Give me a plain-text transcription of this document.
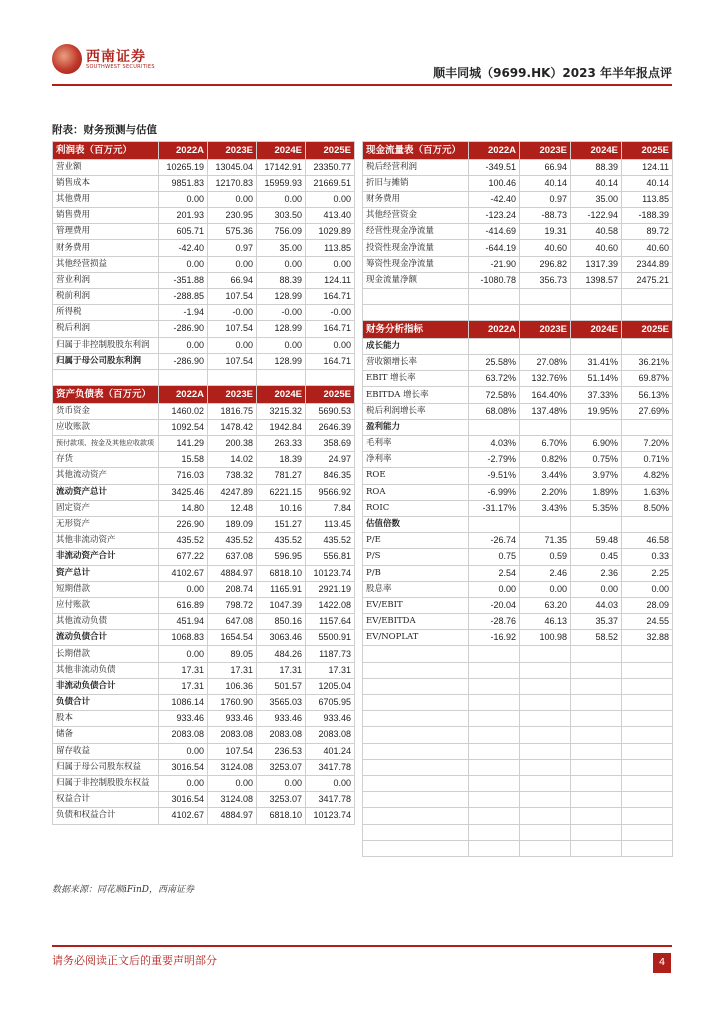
西南证券
SOUTHWEST SECURITIES	顺丰同城（9699.HK）2023 年半年报点评
附表：财务预测与估值
利润表（百万元）	2022A	2023E	2024E	2025E
营业额	10265.19	13045.04	17142.91	23350.77
销售成本	9851.83	12170.83	15959.93	21669.51
其他费用	0.00	0.00	0.00	0.00
销售费用	201.93	230.95	303.50	413.40
管理费用	605.71	575.36	756.09	1029.89
财务费用	-42.40	0.97	35.00	113.85
其他经营损益	0.00	0.00	0.00	0.00
营业利润	-351.88	66.94	88.39	124.11
税前利润	-288.85	107.54	128.99	164.71
所得税	-1.94	-0.00	-0.00	-0.00
税后利润	-286.90	107.54	128.99	164.71
归属于非控制股股东利润	0.00	0.00	0.00	0.00
归属于母公司股东利润	-286.90	107.54	128.99	164.71

资产负债表（百万元）	2022A	2023E	2024E	2025E
货币资金	1460.02	1816.75	3215.32	5690.53
应收账款	1092.54	1478.42	1942.84	2646.39
预付款项、按金及其他应收款项	141.29	200.38	263.33	358.69
存货	15.58	14.02	18.39	24.97
其他流动资产	716.03	738.32	781.27	846.35
流动资产总计	3425.46	4247.89	6221.15	9566.92
固定资产	14.80	12.48	10.16	7.84
无形资产	226.90	189.09	151.27	113.45
其他非流动资产	435.52	435.52	435.52	435.52
非流动资产合计	677.22	637.08	596.95	556.81
资产总计	4102.67	4884.97	6818.10	10123.74
短期借款	0.00	208.74	1165.91	2921.19
应付账款	616.89	798.72	1047.39	1422.08
其他流动负债	451.94	647.08	850.16	1157.64
流动负债合计	1068.83	1654.54	3063.46	5500.91
长期借款	0.00	89.05	484.26	1187.73
其他非流动负债	17.31	17.31	17.31	17.31
非流动负债合计	17.31	106.36	501.57	1205.04
负债合计	1086.14	1760.90	3565.03	6705.95
股本	933.46	933.46	933.46	933.46
储备	2083.08	2083.08	2083.08	2083.08
留存收益	0.00	107.54	236.53	401.24
归属于母公司股东权益	3016.54	3124.08	3253.07	3417.78
归属于非控制股股东权益	0.00	0.00	0.00	0.00
权益合计	3016.54	3124.08	3253.07	3417.78
负债和权益合计	4102.67	4884.97	6818.10	10123.74
现金流量表（百万元）	2022A	2023E	2024E	2025E
税后经营利润	-349.51	66.94	88.39	124.11
折旧与摊销	100.46	40.14	40.14	40.14
财务费用	-42.40	0.97	35.00	113.85
其他经营资金	-123.24	-88.73	-122.94	-188.39
经营性现金净流量	-414.69	19.31	40.58	89.72
投资性现金净流量	-644.19	40.60	40.60	40.60
筹资性现金净流量	-21.90	296.82	1317.39	2344.89
现金流量净额	-1080.78	356.73	1398.57	2475.21

财务分析指标	2022A	2023E	2024E	2025E
成长能力				
营收额增长率	25.58%	27.08%	31.41%	36.21%
EBIT 增长率	63.72%	132.76%	51.14%	69.87%
EBITDA 增长率	72.58%	164.40%	37.33%	56.13%
税后利润增长率	68.08%	137.48%	19.95%	27.69%
盈利能力				
毛利率	4.03%	6.70%	6.90%	7.20%
净利率	-2.79%	0.82%	0.75%	0.71%
ROE	-9.51%	3.44%	3.97%	4.82%
ROA	-6.99%	2.20%	1.89%	1.63%
ROIC	-31.17%	3.43%	5.35%	8.50%
估值倍数				
P/E	-26.74	71.35	59.48	46.58
P/S	0.75	0.59	0.45	0.33
P/B	2.54	2.46	2.36	2.25
股息率	0.00	0.00	0.00	0.00
EV/EBIT	-20.04	63.20	44.03	28.09
EV/EBITDA	-28.76	46.13	35.37	24.55
EV/NOPLAT	-16.92	100.98	58.52	32.88

数据来源：同花顺iFinD，西南证券
请务必阅读正文后的重要声明部分	4
